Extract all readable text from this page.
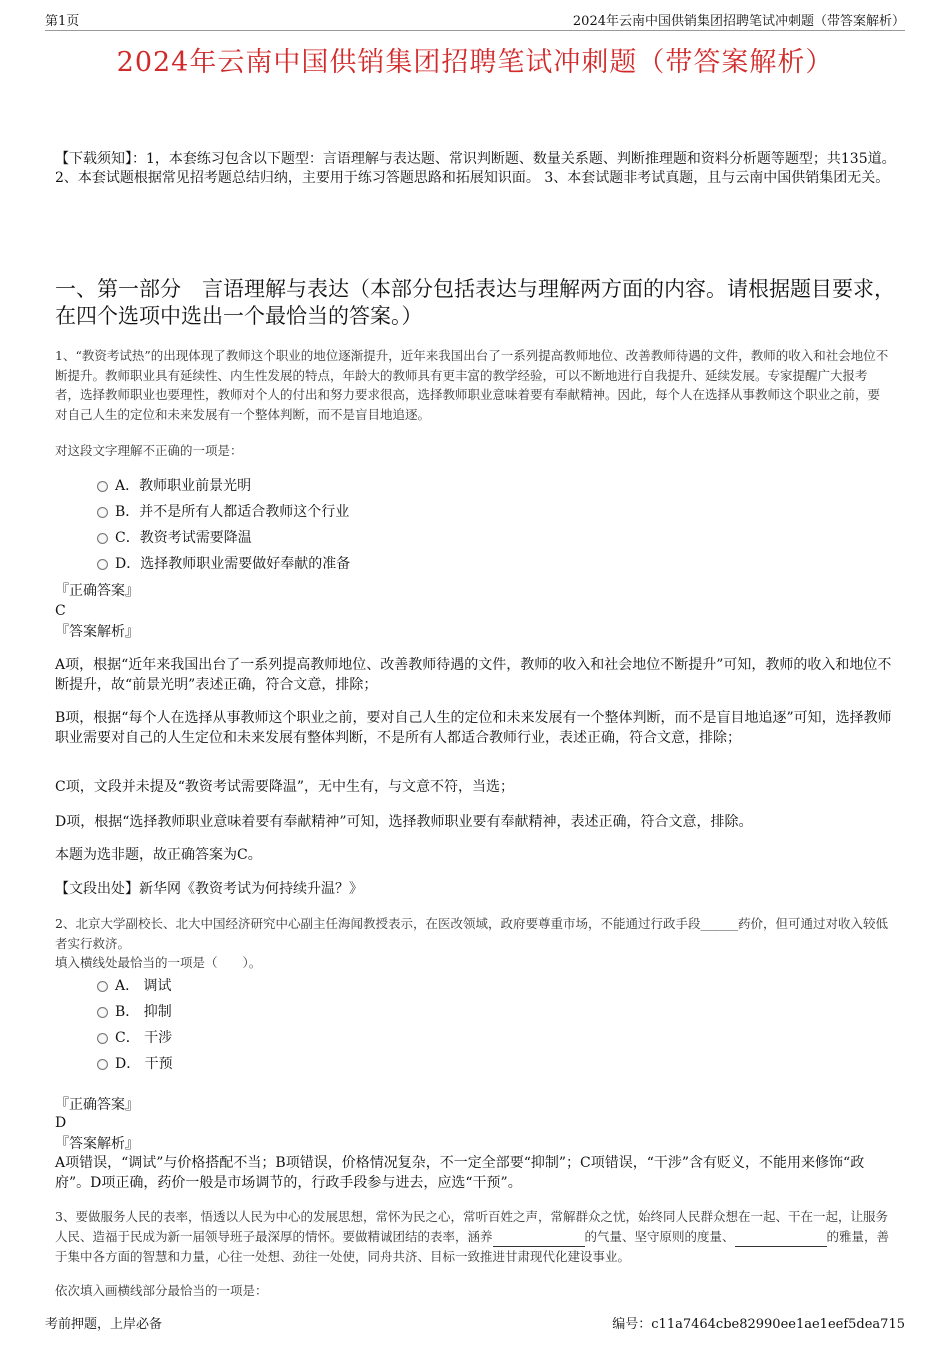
第1页	2024年云南中国供销集团招聘笔试冲刺题（带答案解析）
2024年云南中国供销集团招聘笔试冲刺题（带答案解析）
【下载须知】：1，本套练习包含以下题型：言语理解与表达题、常识判断题、数量关系题、判断推理题和资料分析题等题型；共135道。 2、本套试题根据常见招考题总结归纳，主要用于练习答题思路和拓展知识面。 3、本套试题非考试真题，且与云南中国供销集团无关。
一、第一部分　言语理解与表达（本部分包括表达与理解两方面的内容。请根据题目要求，在四个选项中选出一个最恰当的答案。）
1、“教资考试热”的出现体现了教师这个职业的地位逐渐提升，近年来我国出台了一系列提高教师地位、改善教师待遇的文件，教师的收入和社会地位不断提升。教师职业具有延续性、内生性发展的特点，年龄大的教师具有更丰富的教学经验，可以不断地进行自我提升、延续发展。专家提醒广大报考者，选择教师职业也要理性，教师对个人的付出和努力要求很高，选择教师职业意味着要有奉献精神。因此，每个人在选择从事教师这个职业之前，要对自己人生的定位和未来发展有一个整体判断，而不是盲目地追逐。
对这段文字理解不正确的一项是：
A．教师职业前景光明
B．并不是所有人都适合教师这个行业
C．教资考试需要降温
D．选择教师职业需要做好奉献的准备
『正确答案』
C
『答案解析』
A项，根据“近年来我国出台了一系列提高教师地位、改善教师待遇的文件，教师的收入和社会地位不断提升”可知，教师的收入和地位不断提升，故“前景光明”表述正确，符合文意，排除；
B项，根据“每个人在选择从事教师这个职业之前，要对自己人生的定位和未来发展有一个整体判断，而不是盲目地追逐”可知，选择教师职业需要对自己的人生定位和未来发展有整体判断，不是所有人都适合教师行业，表述正确，符合文意，排除；
C项，文段并未提及“教资考试需要降温”，无中生有，与文意不符，当选；
D项，根据“选择教师职业意味着要有奉献精神”可知，选择教师职业要有奉献精神，表述正确，符合文意，排除。
本题为选非题，故正确答案为C。
【文段出处】新华网《教资考试为何持续升温？》
2、北京大学副校长、北大中国经济研究中心副主任海闻教授表示，在医改领域，政府要尊重市场，不能通过行政手段______药价，但可通过对收入较低者实行救济。
填入横线处最恰当的一项是（　　）。
A． 调试
B． 抑制
C． 干涉
D． 干预
『正确答案』
D
『答案解析』
A项错误，“调试”与价格搭配不当；B项错误，价格情况复杂，不一定全部要“抑制”；C项错误，“干涉”含有贬义，不能用来修饰“政府”。D项正确，药价一般是市场调节的，行政手段参与进去，应选“干预”。
3、要做服务人民的表率，悟透以人民为中心的发展思想，常怀为民之心，常听百姓之声，常解群众之忧，始终同人民群众想在一起、干在一起，让服务人民、造福于民成为新一届领导班子最深厚的情怀。要做精诚团结的表率，涵养	的气量、坚守原则的度量、	的雅量，善于集中各方面的智慧和力量，心往一处想、劲往一处使，同舟共济、目标一致推进甘肃现代化建设事业。
依次填入画横线部分最恰当的一项是：
考前押题，上岸必备	编号：c11a7464cbe82990ee1ae1eef5dea715
